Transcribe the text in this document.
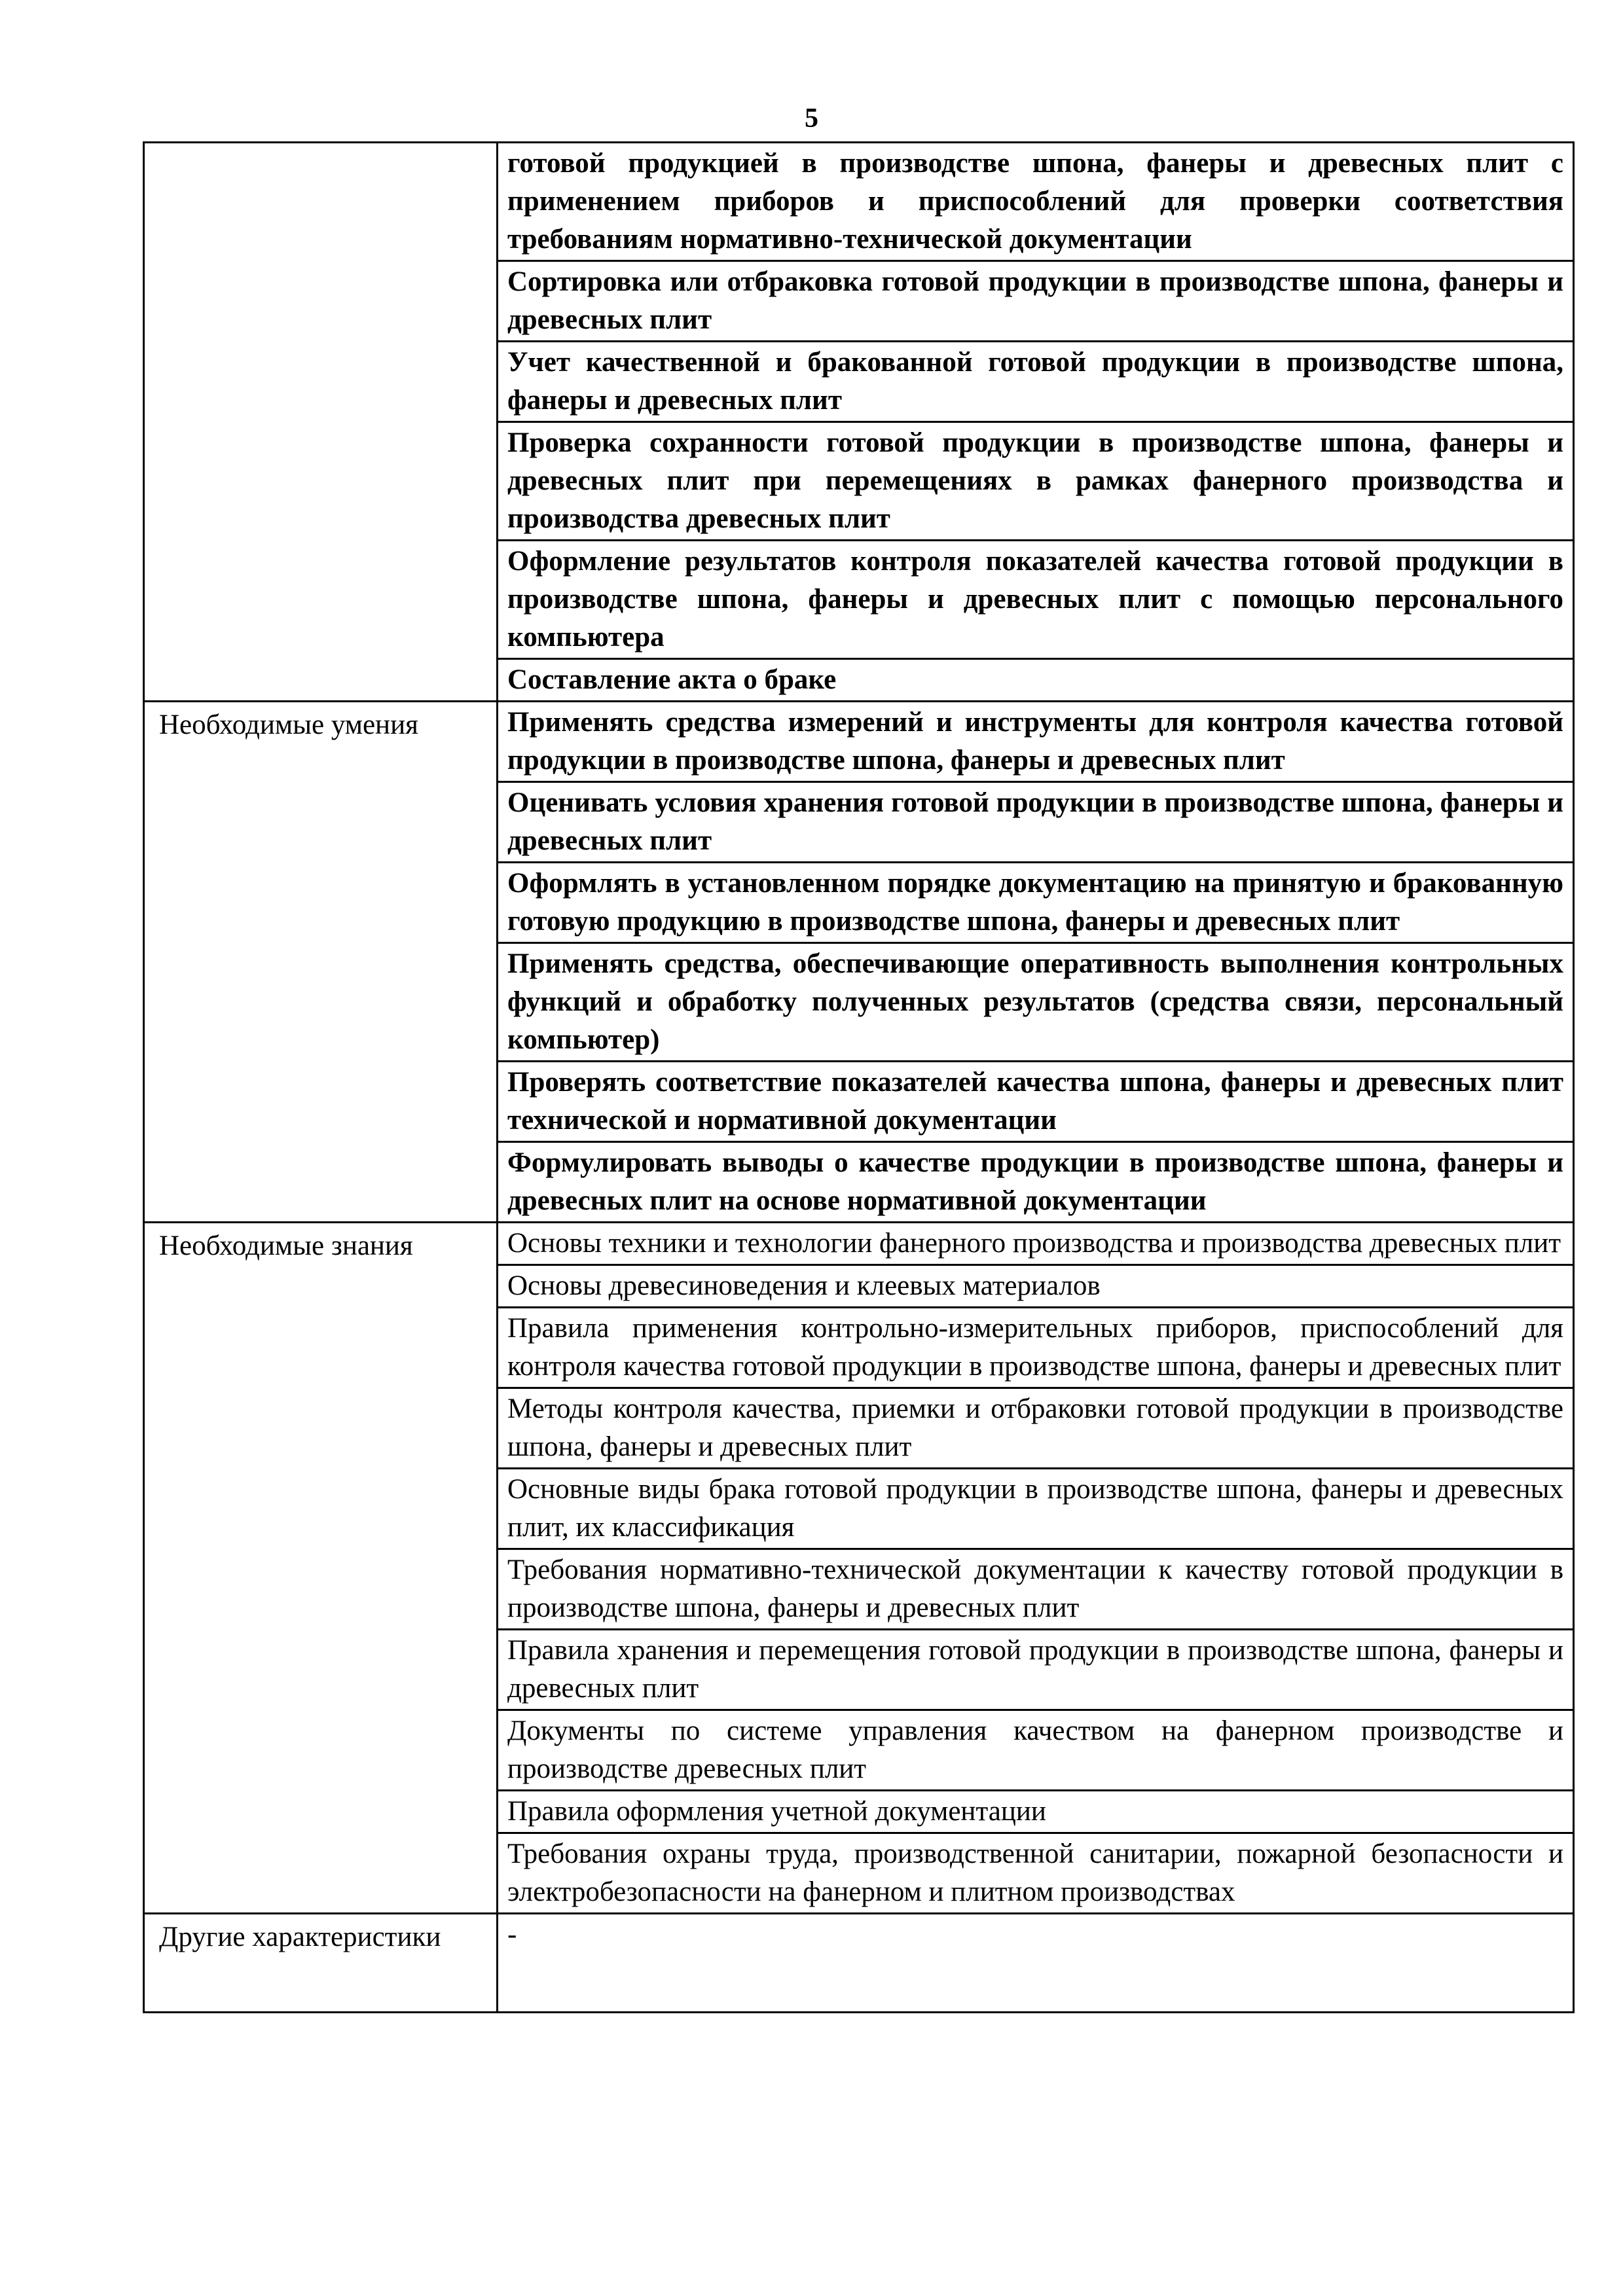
5
	готовой продукцией в производстве шпона, фанеры и древесных плит с применением приборов и приспособлений для проверки соответствия требованиям нормативно-технической документации
	Сортировка или отбраковка готовой продукции в производстве шпона, фанеры и древесных плит
	Учет качественной и бракованной готовой продукции в производстве шпона, фанеры и древесных плит
	Проверка сохранности готовой продукции в производстве шпона, фанеры и древесных плит при перемещениях в рамках фанерного производства и производства древесных плит
	Оформление результатов контроля показателей качества готовой продукции в производстве шпона, фанеры и древесных плит с помощью персонального компьютера
	Составление акта о браке
Необходимые умения	Применять средства измерений и инструменты для контроля качества готовой продукции в производстве шпона, фанеры и древесных плит
	Оценивать условия хранения готовой продукции в производстве шпона, фанеры и древесных плит
	Оформлять в установленном порядке документацию на принятую и бракованную готовую продукцию в производстве шпона, фанеры и древесных плит
	Применять средства, обеспечивающие оперативность выполнения контрольных функций и обработку полученных результатов (средства связи, персональный компьютер)
	Проверять соответствие показателей качества шпона, фанеры и древесных плит технической и нормативной документации
	Формулировать выводы о качестве продукции в производстве шпона, фанеры и древесных плит на основе нормативной документации
Необходимые знания	Основы техники и технологии фанерного производства и производства древесных плит
	Основы древесиноведения и клеевых материалов
	Правила применения контрольно-измерительных приборов, приспособлений для контроля качества готовой продукции в производстве шпона, фанеры и древесных плит
	Методы контроля качества, приемки и отбраковки готовой продукции в производстве шпона, фанеры и древесных плит
	Основные виды брака готовой продукции в производстве шпона, фанеры и древесных плит, их классификация
	Требования нормативно-технической документации к качеству готовой продукции в производстве шпона, фанеры и древесных плит
	Правила хранения и перемещения готовой продукции в производстве шпона, фанеры и древесных плит
	Документы по системе управления качеством на фанерном производстве и производстве древесных плит
	Правила оформления учетной документации
	Требования охраны труда, производственной санитарии, пожарной безопасности и электробезопасности на фанерном и плитном производствах
Другие характеристики	-
